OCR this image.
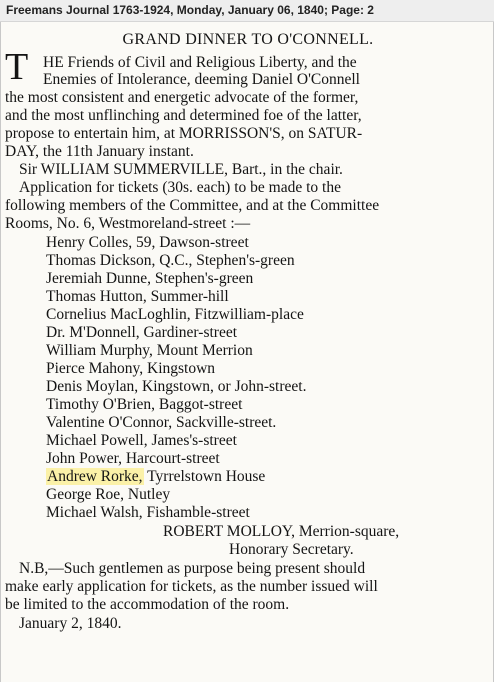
Freemans Journal 1763-1924, Monday, January 06, 1840; Page: 2
GRAND DINNER TO O'CONNELL.
T HE Friends of Civil and Religious Liberty, and the
Enemies of Intolerance, deeming Daniel O'Connell
the most consistent and energetic advocate of the former,
and the most unflinching and determined foe of the latter,
propose to entertain him, at MORRISSON'S, on SATUR-
DAY, the 11th January instant.
Sir WILLIAM SUMMERVILLE, Bart., in the chair.
Application for tickets (30s. each) to be made to the
following members of the Committee, and at the Committee
Rooms, No. 6, Westmoreland-street :—
Henry Colles, 59, Dawson-street
Thomas Dickson, Q.C., Stephen's-green
Jeremiah Dunne, Stephen's-green
Thomas Hutton, Summer-hill
Cornelius MacLoghlin, Fitzwilliam-place
Dr. M'Donnell, Gardiner-street
William Murphy, Mount Merrion
Pierce Mahony, Kingstown
Denis Moylan, Kingstown, or John-street.
Timothy O'Brien, Baggot-street
Valentine O'Connor, Sackville-street.
Michael Powell, James's-street
John Power, Harcourt-street
Andrew Rorke, Tyrrelstown House
George Roe, Nutley
Michael Walsh, Fishamble-street
ROBERT MOLLOY, Merrion-square,
Honorary Secretary.
N.B,—Such gentlemen as purpose being present should
make early application for tickets, as the number issued will
be limited to the accommodation of the room.
January 2, 1840.
